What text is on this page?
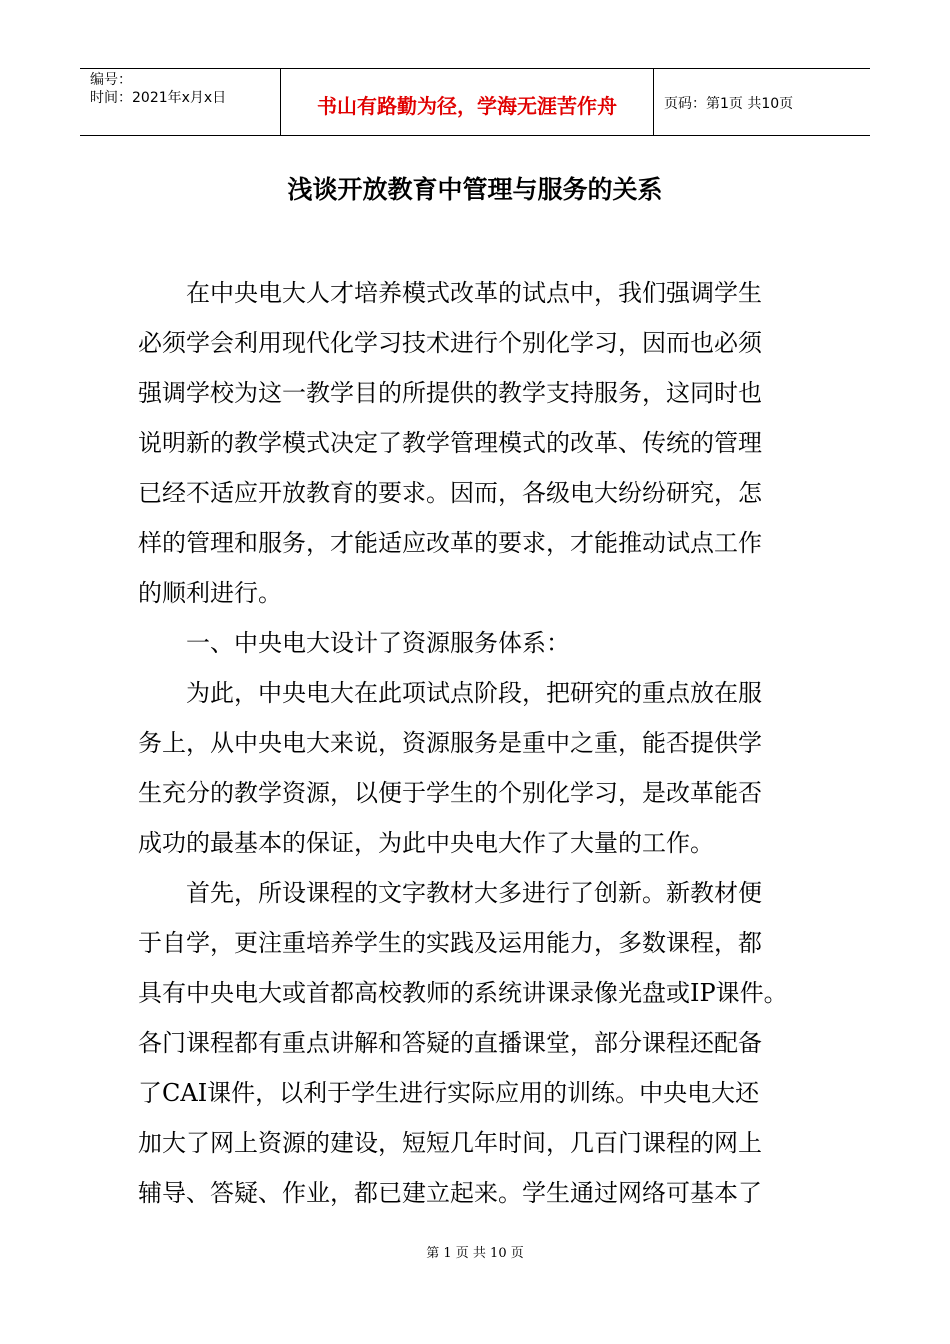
编号：
时间：2021年x月x日	书山有路勤为径，学海无涯苦作舟	页码：第1页 共10页
浅谈开放教育中管理与服务的关系
在中央电大人才培养模式改革的试点中，我们强调学生
必须学会利用现代化学习技术进行个别化学习，因而也必须
强调学校为这一教学目的所提供的教学支持服务，这同时也
说明新的教学模式决定了教学管理模式的改革、传统的管理
已经不适应开放教育的要求。因而，各级电大纷纷研究，怎
样的管理和服务，才能适应改革的要求，才能推动试点工作
的顺利进行。
一、中央电大设计了资源服务体系：
为此，中央电大在此项试点阶段，把研究的重点放在服
务上，从中央电大来说，资源服务是重中之重，能否提供学
生充分的教学资源，以便于学生的个别化学习，是改革能否
成功的最基本的保证，为此中央电大作了大量的工作。
首先，所设课程的文字教材大多进行了创新。新教材便
于自学，更注重培养学生的实践及运用能力，多数课程，都
具有中央电大或首都高校教师的系统讲课录像光盘或IP课件。
各门课程都有重点讲解和答疑的直播课堂，部分课程还配备
了CAI课件，以利于学生进行实际应用的训练。中央电大还
加大了网上资源的建设，短短几年时间，几百门课程的网上
辅导、答疑、作业，都已建立起来。学生通过网络可基本了
第 1 页 共 10 页
